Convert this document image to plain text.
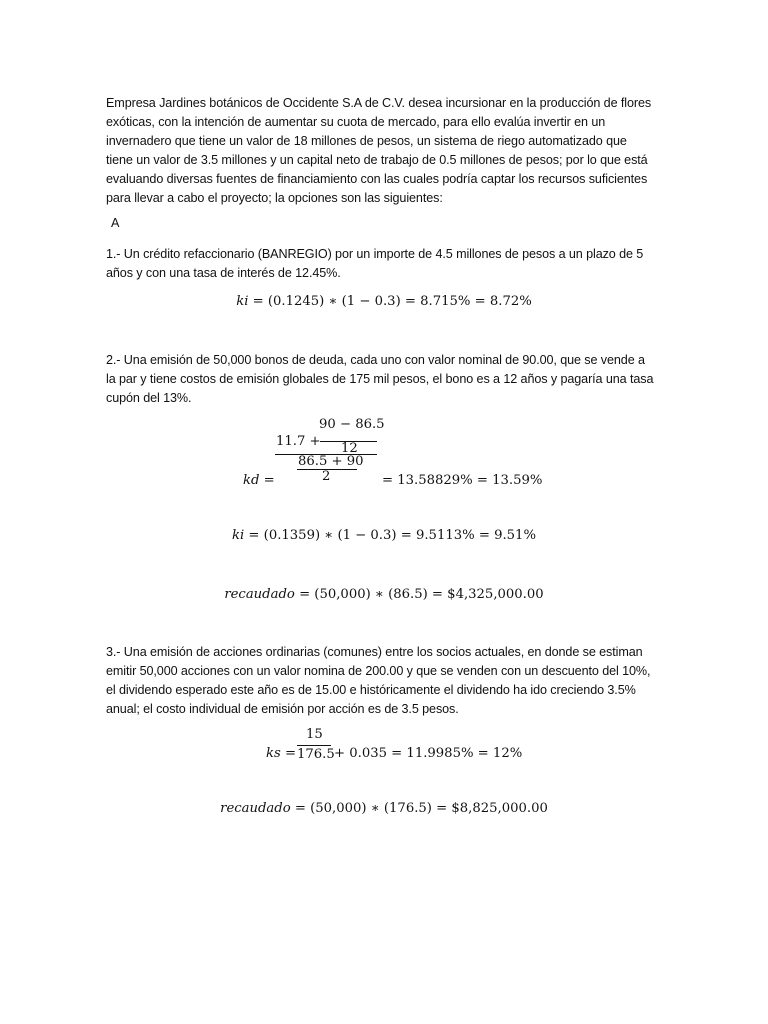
Empresa Jardines botánicos de Occidente S.A de C.V. desea incursionar en la producción de flores
exóticas, con la intención de aumentar su cuota de mercado, para ello evalúa invertir en un
invernadero que tiene un valor de 18 millones de pesos, un sistema de riego automatizado que
tiene un valor de 3.5 millones y un capital neto de trabajo de 0.5 millones de pesos; por lo que está
evaluando diversas fuentes de financiamiento con las cuales podría captar los recursos suficientes
para llevar a cabo el proyecto; la opciones son las siguientes:
A
1.- Un crédito refaccionario (BANREGIO) por un importe de 4.5 millones de pesos a un plazo de 5
años y con una tasa de interés de 12.45%.
ki = (0.1245) ∗ (1 − 0.3) = 8.715% = 8.72%
2.- Una emisión de 50,000 bonos de deuda, cada uno con valor nominal de 90.00, que se vende a
la par y tiene costos de emisión globales de 175 mil pesos, el bono es a 12 años y pagaría una tasa
cupón del 13%.
kd =
90 − 86.5
11.7 + 12
86.5 + 90
2	= 13.58829% = 13.59%
ki = (0.1359) ∗ (1 − 0.3) = 9.5113% = 9.51%
recaudado = (50,000) ∗ (86.5) = $4,325,000.00
3.- Una emisión de acciones ordinarias (comunes) entre los socios actuales, en donde se estiman
emitir 50,000 acciones con un valor nomina de 200.00 y que se venden con un descuento del 10%,
el dividendo esperado este año es de 15.00 e históricamente el dividendo ha ido creciendo 3.5%
anual; el costo individual de emisión por acción es de 3.5 pesos.
ks =
15
176.5 + 0.035 = 11.9985% = 12%
recaudado = (50,000) ∗ (176.5) = $8,825,000.00
